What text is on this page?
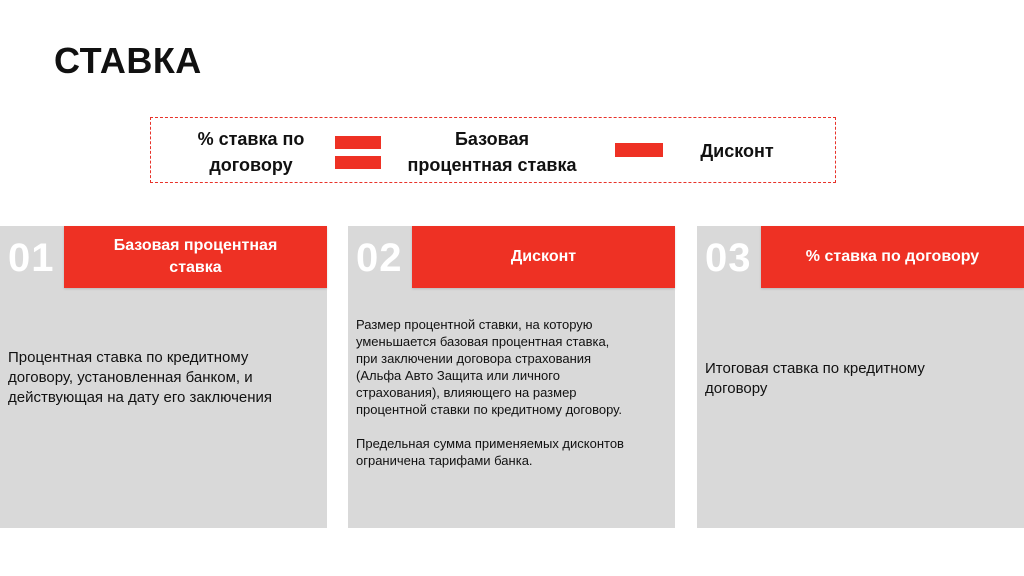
СТАВКА
% ставка по
договору
Базовая
процентная ставка
Дисконт
01	Базовая процентная
ставка
Процентная ставка по кредитному
договору, установленная банком, и
действующая на дату его заключения
02	Дисконт
Размер процентной ставки, на которую
уменьшается базовая процентная ставка,
при заключении договора страхования
(Альфа Авто Защита или личного
страхования), влияющего на размер
процентной ставки по кредитному договору.
Предельная сумма применяемых дисконтов
ограничена тарифами банка.
03	% ставка по договору
Итоговая ставка по кредитному
договору
